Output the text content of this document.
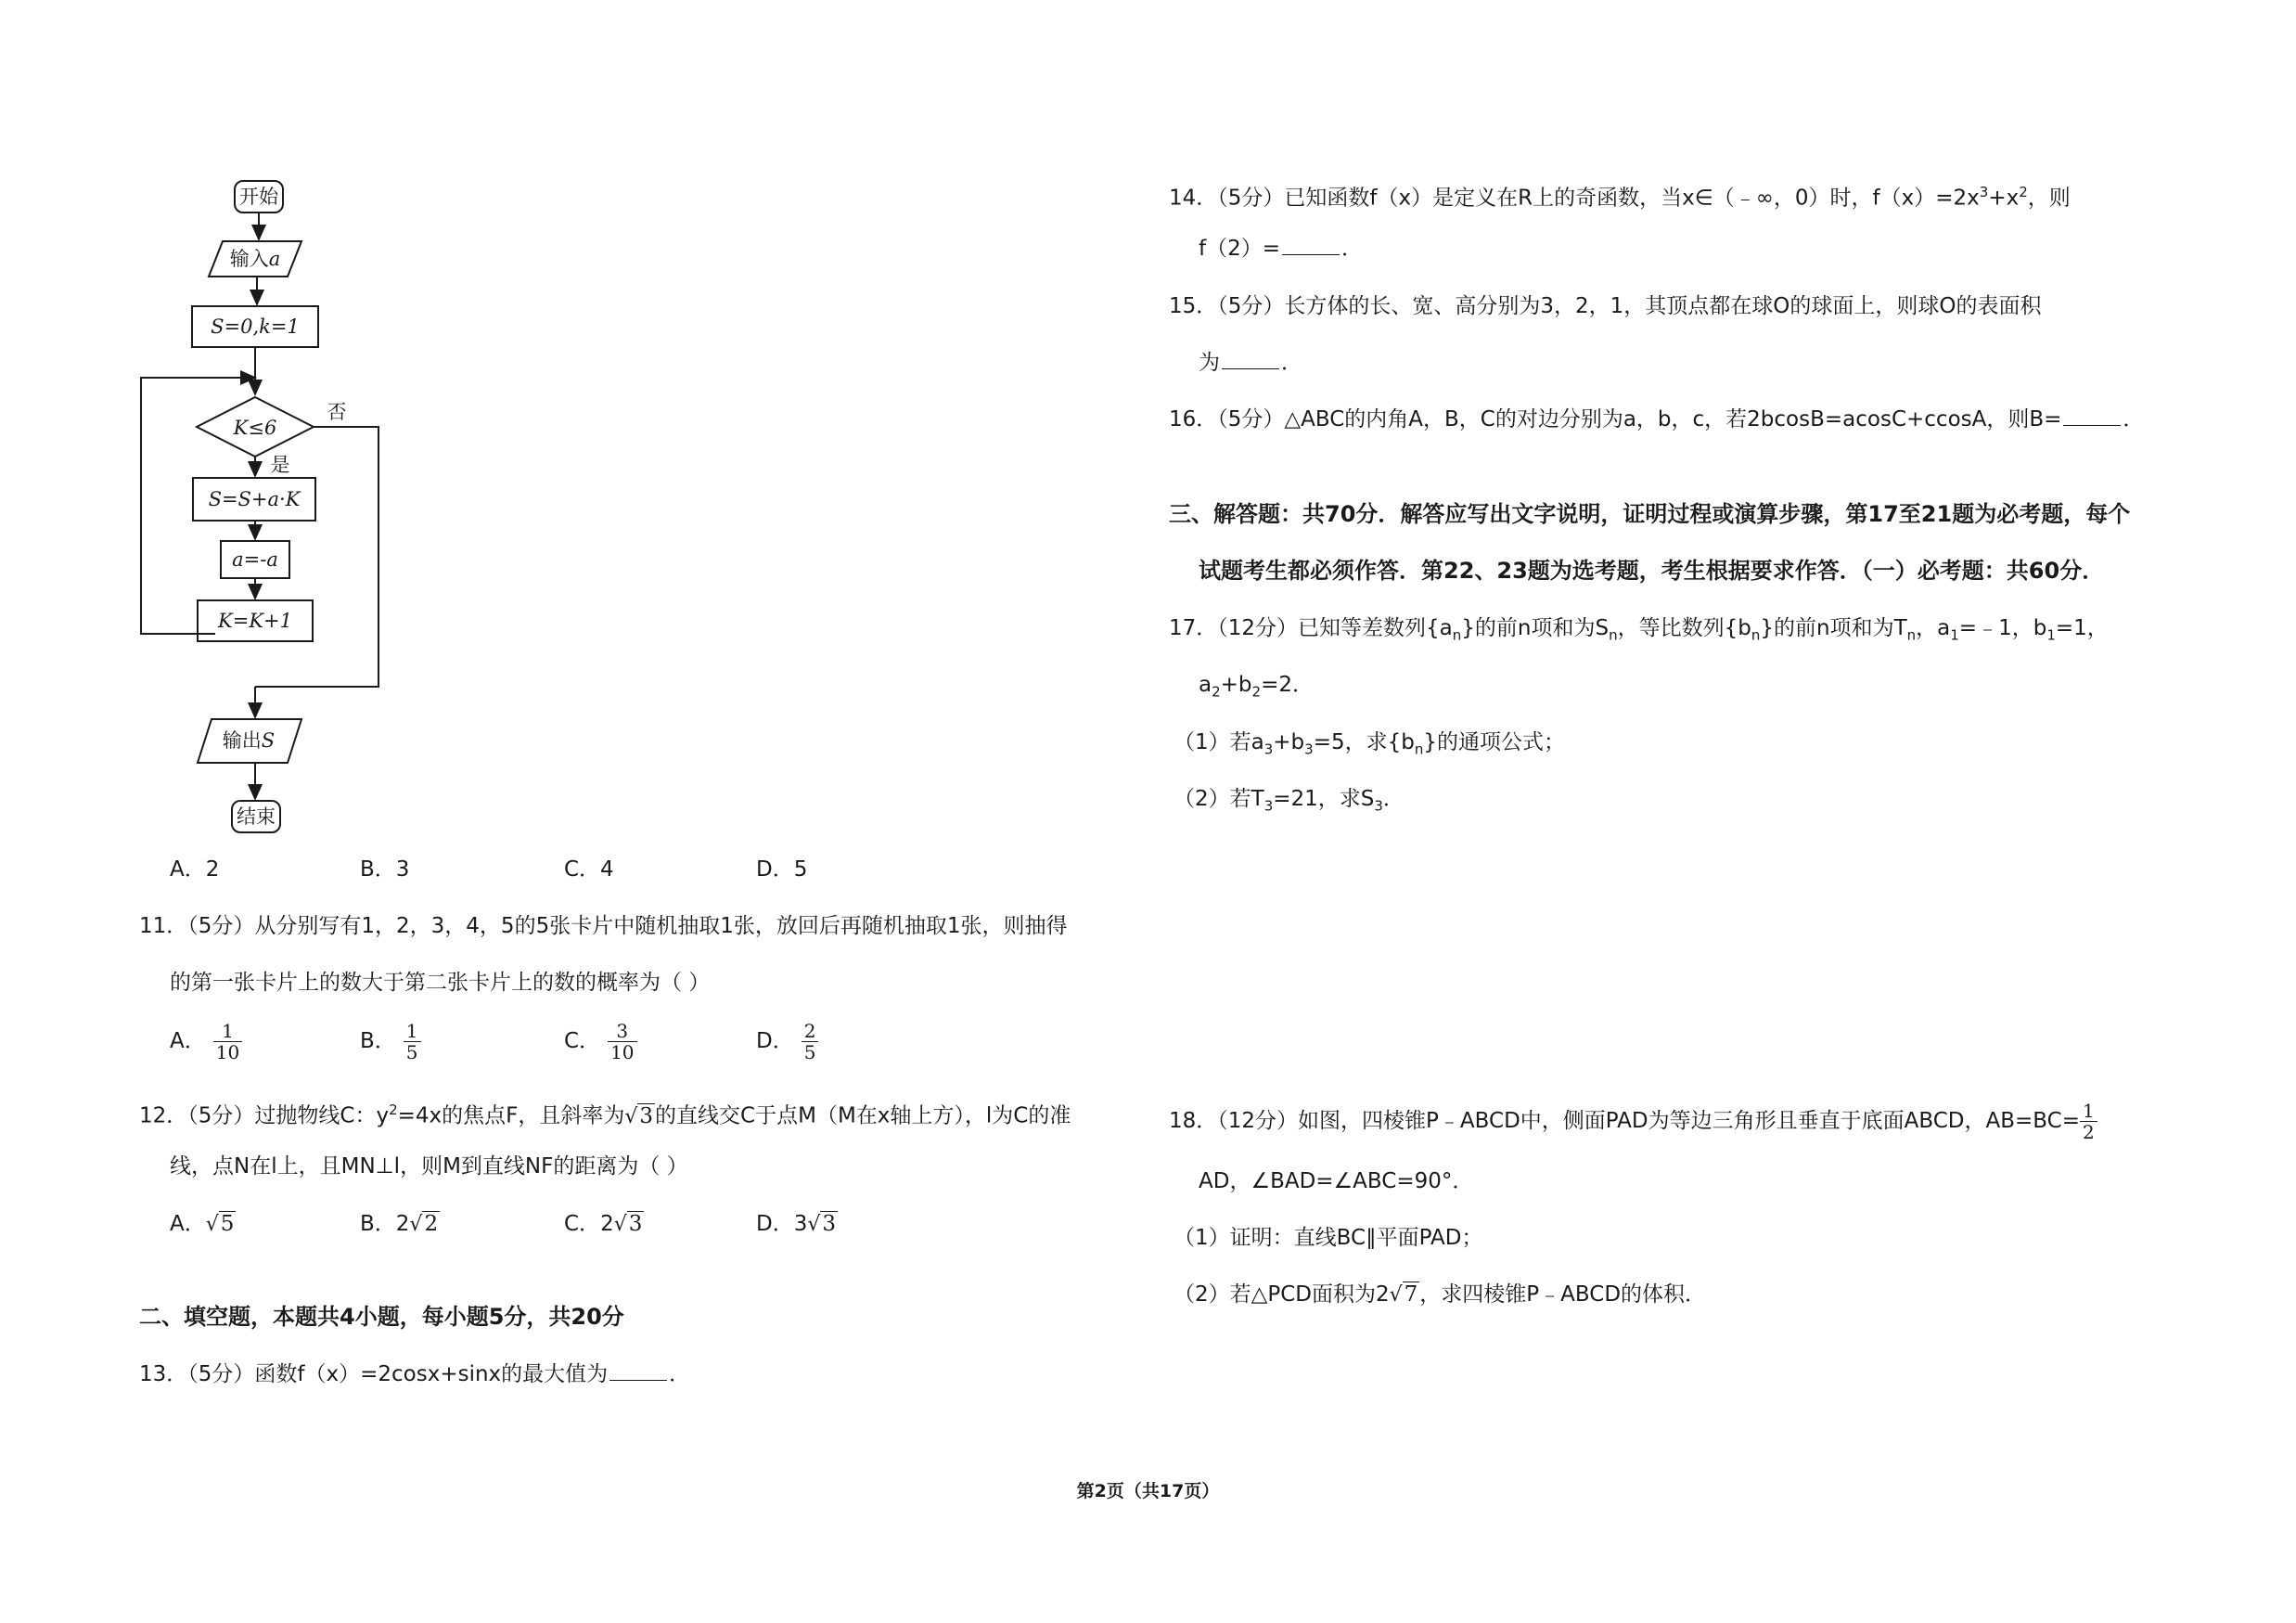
开始
输入a
S=0,k=1
K≤6
否
是
S=S+a·K
a=-a
K=K+1
输出S
结束
A．2	B．3	C．4	D．5
11．（5分）从分别写有1，2，3，4，5的5张卡片中随机抽取1张，放回后再随机抽取1张，则抽得
的第一张卡片上的数大于第二张卡片上的数的概率为（ ）
A． $\frac{1}{10}$	B． $\frac{1}{5}$	C． $\frac{3}{10}$	D． $\frac{2}{5}$
12．（5分）过抛物线C：$y^2=4x$的焦点F，且斜率为√3的直线交C于点M（M在x轴上方），l为C的准
线，点N在l上，且MN⊥l，则M到直线NF的距离为（ ）
A．√5	B．2√2	C．2√3	D．3√3
二、填空题，本题共4小题，每小题5分，共20分
13．（5分）函数f（x）=2cosx+sinx的最大值为	．
14．（5分）已知函数f（x）是定义在R上的奇函数，当x∈（﹣∞，0）时，$f(x)=2x^3+x^2$，则
f（2）=	．
15．（5分）长方体的长、宽、高分别为3，2，1，其顶点都在球O的球面上，则球O的表面积
为	．
16．（5分）△ABC的内角A，B，C的对边分别为a，b，c，若2bcosB=acosC+ccosA，则B=	．
三、解答题：共70分．解答应写出文字说明，证明过程或演算步骤，第17至21题为必考题，每个
试题考生都必须作答．第22、23题为选考题，考生根据要求作答．（一）必考题：共60分．
17．（12分）已知等差数列$\{a_n\}$的前n项和为$S_n$，等比数列$\{b_n\}$的前n项和为$T_n$，$a_1=﹣1$，$b_1=1$，
$a_2+b_2=2$．
（1）若$a_3+b_3=5$，求$\{b_n\}$的通项公式；
（2）若$T_3=21$，求$S_3$．
18．（12分）如图，四棱锥P﹣ABCD中，侧面PAD为等边三角形且垂直于底面ABCD，$AB=BC= \frac{1}{2}$
AD，∠BAD=∠ABC=90°．
（1）证明：直线BC∥平面PAD；
（2）若△PCD面积为2√7，求四棱锥P﹣ABCD的体积．
第2页（共17页）
